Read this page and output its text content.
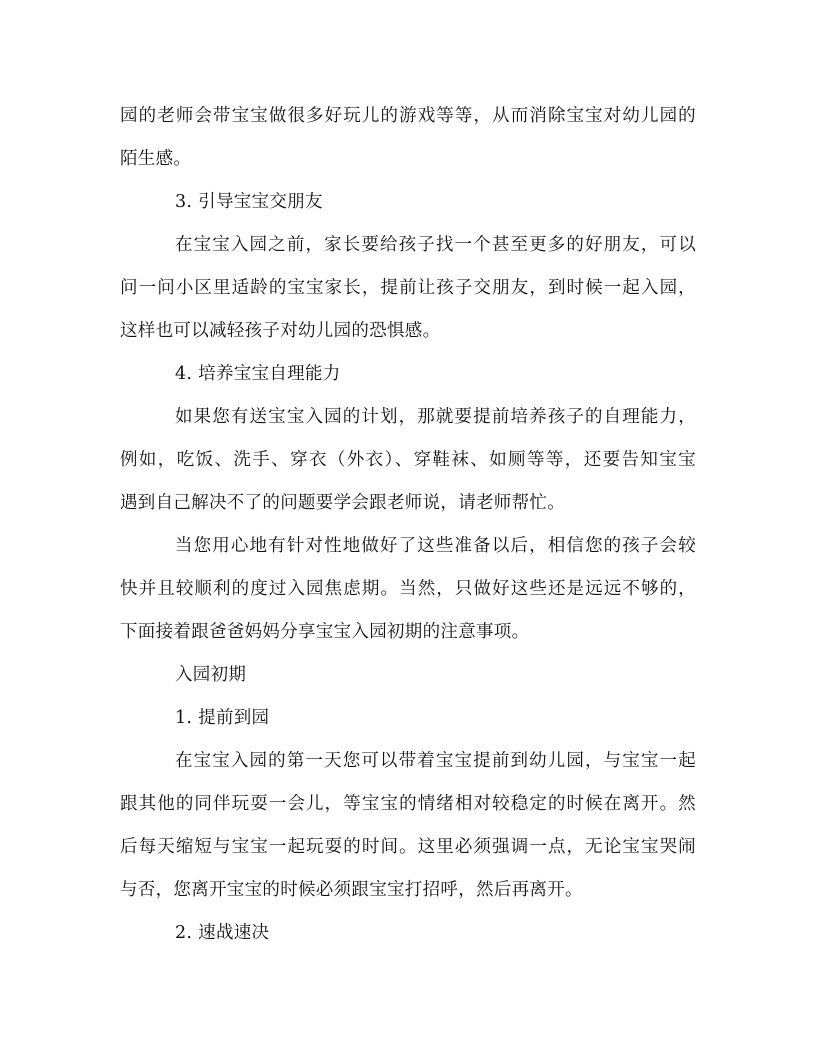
园的老师会带宝宝做很多好玩儿的游戏等等，从而消除宝宝对幼儿园的
陌生感。
3. 引导宝宝交朋友
在宝宝入园之前，家长要给孩子找一个甚至更多的好朋友，可以
问一问小区里适龄的宝宝家长，提前让孩子交朋友，到时候一起入园，
这样也可以减轻孩子对幼儿园的恐惧感。
4. 培养宝宝自理能力
如果您有送宝宝入园的计划，那就要提前培养孩子的自理能力，
例如，吃饭、洗手、穿衣（外衣）、穿鞋袜、如厕等等，还要告知宝宝
遇到自己解决不了的问题要学会跟老师说，请老师帮忙。
当您用心地有针对性地做好了这些准备以后，相信您的孩子会较
快并且较顺利的度过入园焦虑期。当然，只做好这些还是远远不够的，
下面接着跟爸爸妈妈分享宝宝入园初期的注意事项。
入园初期
1. 提前到园
在宝宝入园的第一天您可以带着宝宝提前到幼儿园，与宝宝一起
跟其他的同伴玩耍一会儿，等宝宝的情绪相对较稳定的时候在离开。然
后每天缩短与宝宝一起玩耍的时间。这里必须强调一点，无论宝宝哭闹
与否，您离开宝宝的时候必须跟宝宝打招呼，然后再离开。
2. 速战速决
